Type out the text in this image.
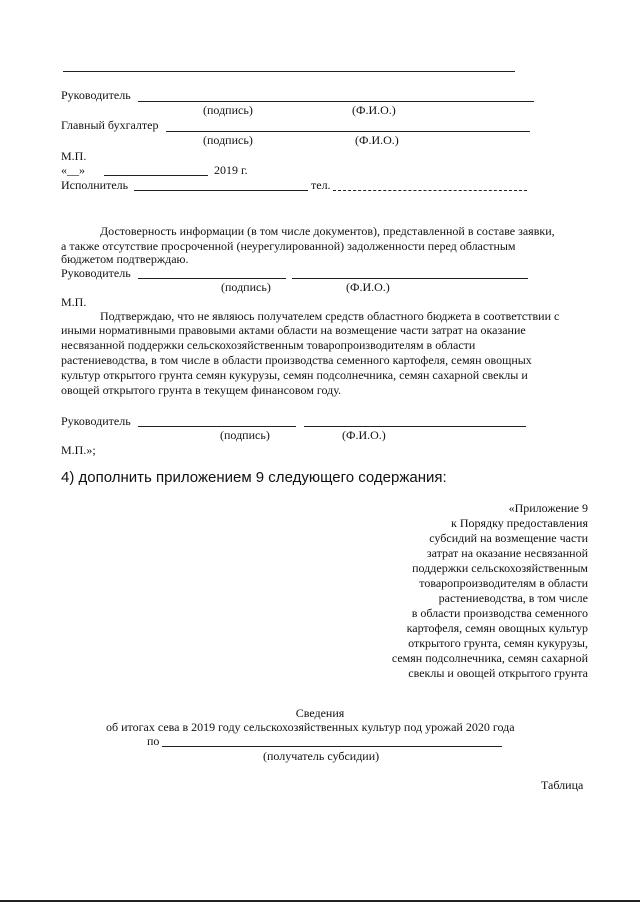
Руководитель
(подпись)	(Ф.И.О.)
Главный бухгалтер
(подпись)	(Ф.И.О.)
М.П.
«__»	2019 г.
Исполнитель	тел.
Достоверность информации (в том числе документов), представленной в составе заявки,
а также отсутствие просроченной (неурегулированной) задолженности перед областным
бюджетом подтверждаю.
Руководитель
(подпись)	(Ф.И.О.)
М.П.
Подтверждаю, что не являюсь получателем средств областного бюджета в соответствии с
иными нормативными правовыми актами области на возмещение части затрат на оказание
несвязанной поддержки сельскохозяйственным товаропроизводителям в области
растениеводства, в том числе в области производства семенного картофеля, семян овощных
культур открытого грунта семян кукурузы, семян подсолнечника, семян сахарной свеклы и
овощей открытого грунта в текущем финансовом году.
Руководитель
(подпись)	(Ф.И.О.)
М.П.»;
4) дополнить приложением 9 следующего содержания:
«Приложение 9
к Порядку предоставления
субсидий на возмещение части
затрат на оказание несвязанной
поддержки сельскохозяйственным
товаропроизводителям в области
растениеводства, в том числе
в области производства семенного
картофеля, семян овощных культур
открытого грунта, семян кукурузы,
семян подсолнечника, семян сахарной
свеклы и овощей открытого грунта
Сведения
об итогах сева в 2019 году сельскохозяйственных культур под урожай 2020 года
по
(получатель субсидии)
Таблица
